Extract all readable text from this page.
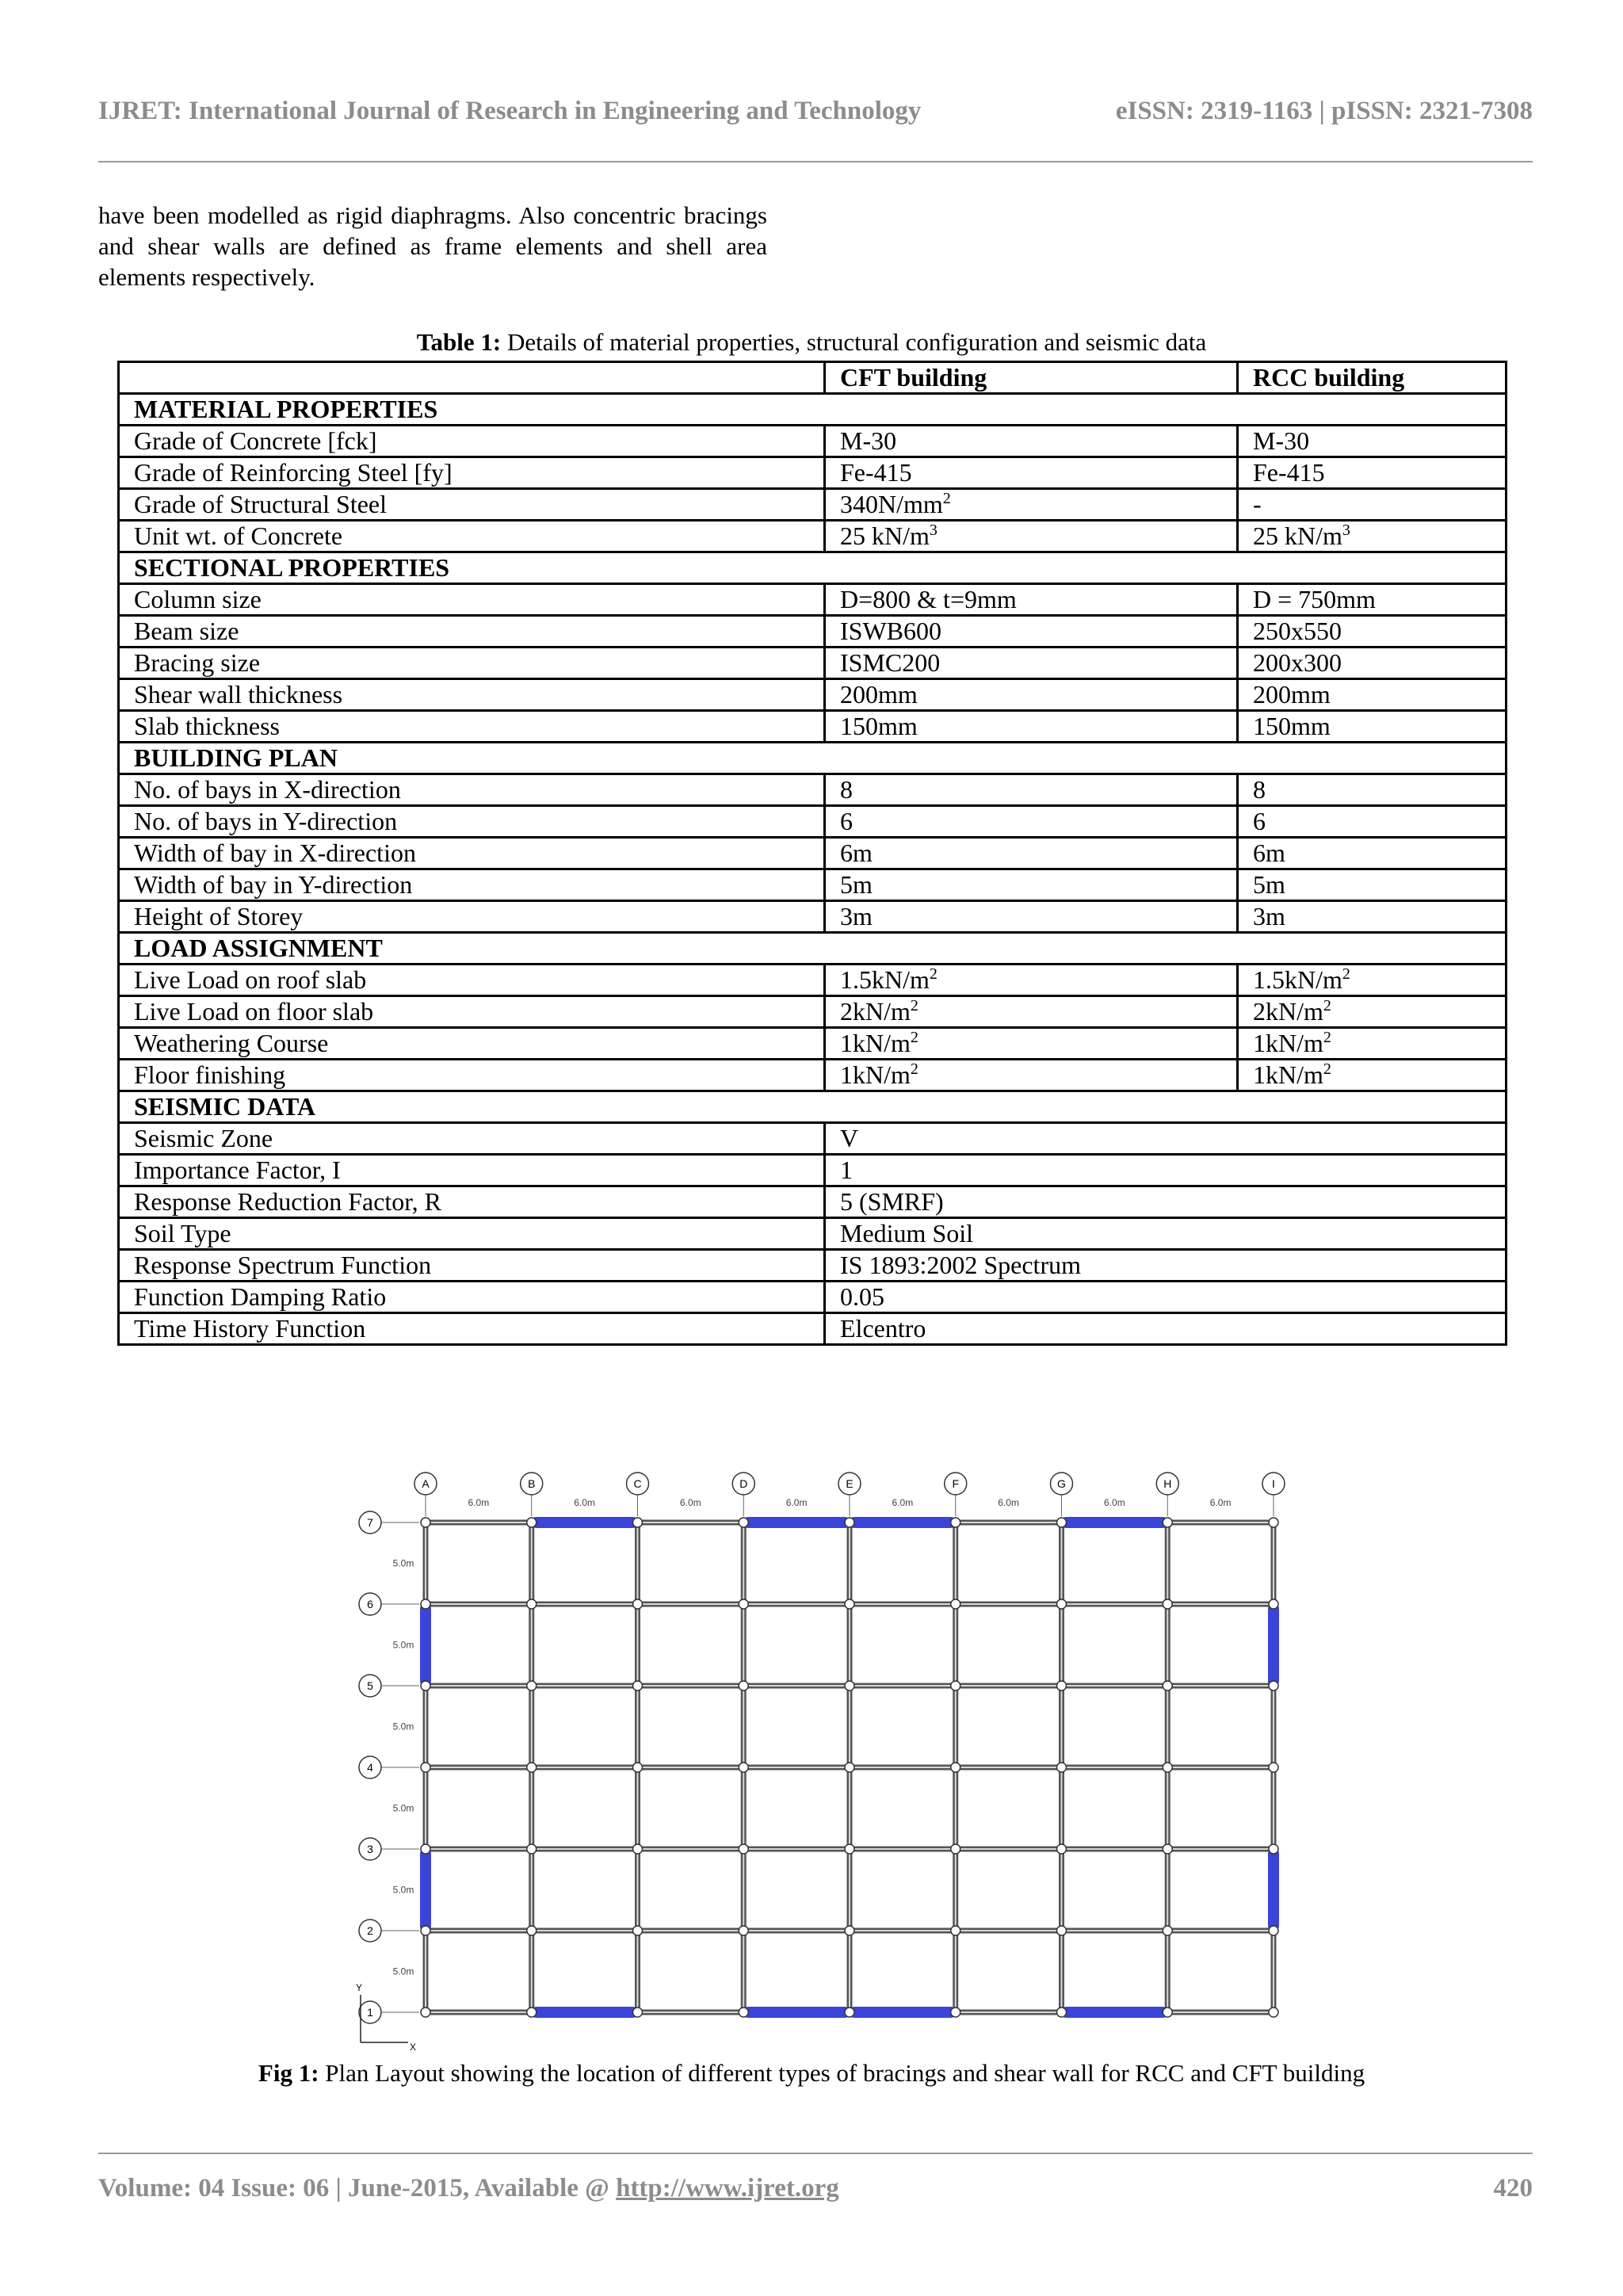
IJRET: International Journal of Research in Engineering and Technology	eISSN: 2319-1163 | pISSN: 2321-7308
have been modelled as rigid diaphragms. Also concentric bracings and shear walls are defined as frame elements and shell area elements respectively.
Table 1: Details of material properties, structural configuration and seismic data
	CFT building	RCC building
MATERIAL PROPERTIES		
Grade of Concrete [fck]	M-30	M-30
Grade of Reinforcing Steel [fy]	Fe-415	Fe-415
Grade of Structural Steel	$340N/mm^2$	-
Unit wt. of Concrete	25 $kN/m^3$	25 $kN/m^3$
SECTIONAL PROPERTIES		
Column size	D=800 & t=9mm	D = 750mm
Beam size	ISWB600	250x550
Bracing size	ISMC200	200x300
Shear wall thickness	200mm	200mm
Slab thickness	150mm	150mm
BUILDING PLAN		
No. of bays in X-direction	8	8
No. of bays in Y-direction	6	6
Width of bay in X-direction	6m	6m
Width of bay in Y-direction	5m	5m
Height of Storey	3m	3m
LOAD ASSIGNMENT		
Live Load on roof slab	$1.5kN/m^2$	$1.5kN/m^2$
Live Load on floor slab	$2kN/m^2$	$2kN/m^2$
Weathering Course	$1kN/m^2$	$1kN/m^2$
Floor finishing	$1kN/m^2$	$1kN/m^2$
SEISMIC DATA		
Seismic Zone	V	
Importance Factor, I	1	
Response Reduction Factor, R	5 (SMRF)	
Soil Type	Medium Soil	
Response Spectrum Function	IS 1893:2002 Spectrum	
Function Damping Ratio	0.05	
Time History Function	Elcentro	
A	B	C	D	E	F	G	H	I
6.0m	6.0m	6.0m	6.0m	6.0m	6.0m	6.0m	6.0m
7
6
5
4
3
2
1
5.0m
5.0m
5.0m
5.0m
5.0m
5.0m
Y
X
Fig 1: Plan Layout showing the location of different types of bracings and shear wall for RCC and CFT building
Volume: 04 Issue: 06 | June-2015, Available @ http://www.ijret.org	420
